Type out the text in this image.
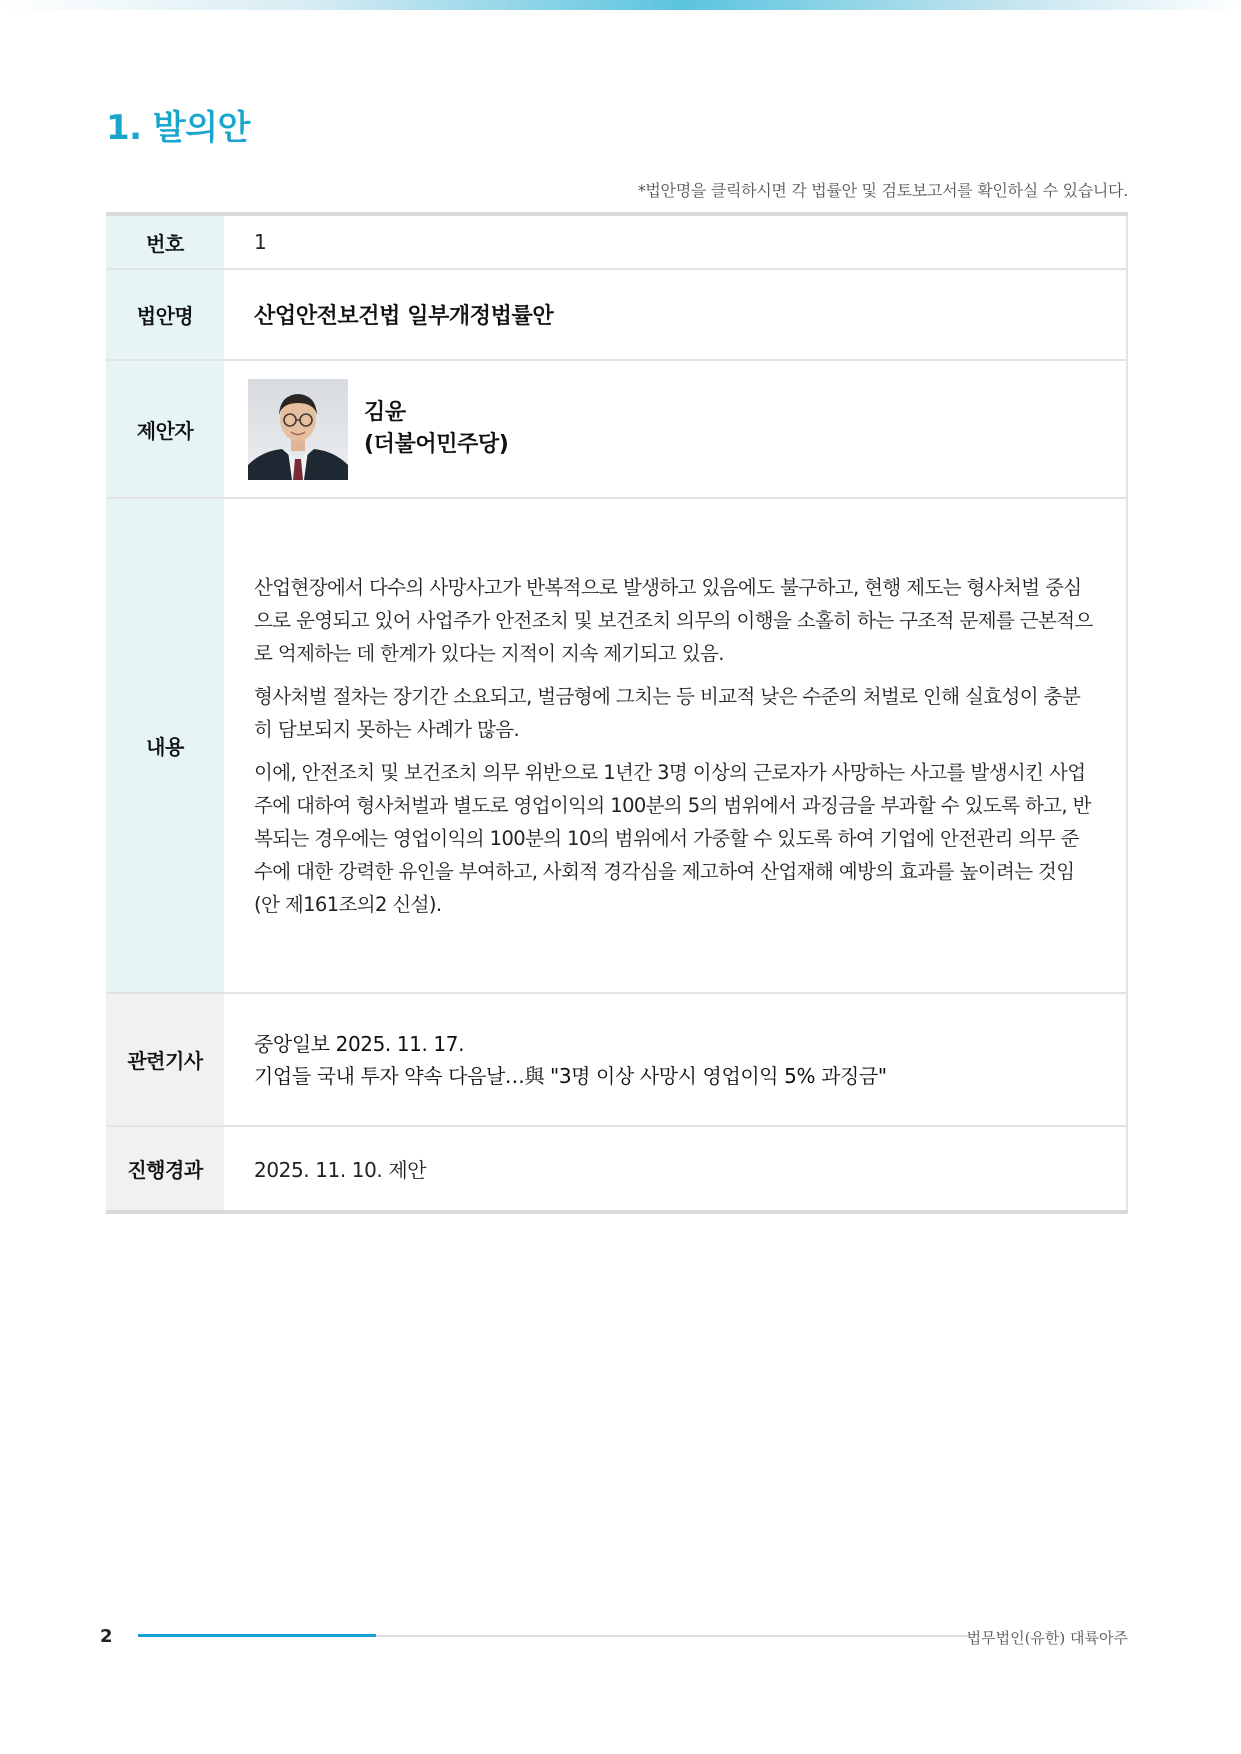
1. 발의안
*법안명을 클릭하시면 각 법률안 및 검토보고서를 확인하실 수 있습니다.
번호	1
법안명	산업안전보건법 일부개정법률안
제안자	김윤
(더불어민주당)

내용	산업현장에서 다수의 사망사고가 반복적으로 발생하고 있음에도 불구하고, 현행 제도는 형사처벌 중심으로 운영되고 있어 사업주가 안전조치 및 보건조치 의무의 이행을 소홀히 하는 구조적 문제를 근본적으로 억제하는 데 한계가 있다는 지적이 지속 제기되고 있음.

형사처벌 절차는 장기간 소요되고, 벌금형에 그치는 등 비교적 낮은 수준의 처벌로 인해 실효성이 충분히 담보되지 못하는 사례가 많음.

이에, 안전조치 및 보건조치 의무 위반으로 1년간 3명 이상의 근로자가 사망하는 사고를 발생시킨 사업주에 대하여 형사처벌과 별도로 영업이익의 100분의 5의 범위에서 과징금을 부과할 수 있도록 하고, 반복되는 경우에는 영업이익의 100분의 10의 범위에서 가중할 수 있도록 하여 기업에 안전관리 의무 준수에 대한 강력한 유인을 부여하고, 사회적 경각심을 제고하여 산업재해 예방의 효과를 높이려는 것임(안 제161조의2 신설).

관련기사	중앙일보 2025. 11. 17.
기업들 국내 투자 약속 다음날…與 "3명 이상 사망시 영업이익 5% 과징금"

진행경과	2025. 11. 10. 제안
2	법무법인(유한) 대륙아주
